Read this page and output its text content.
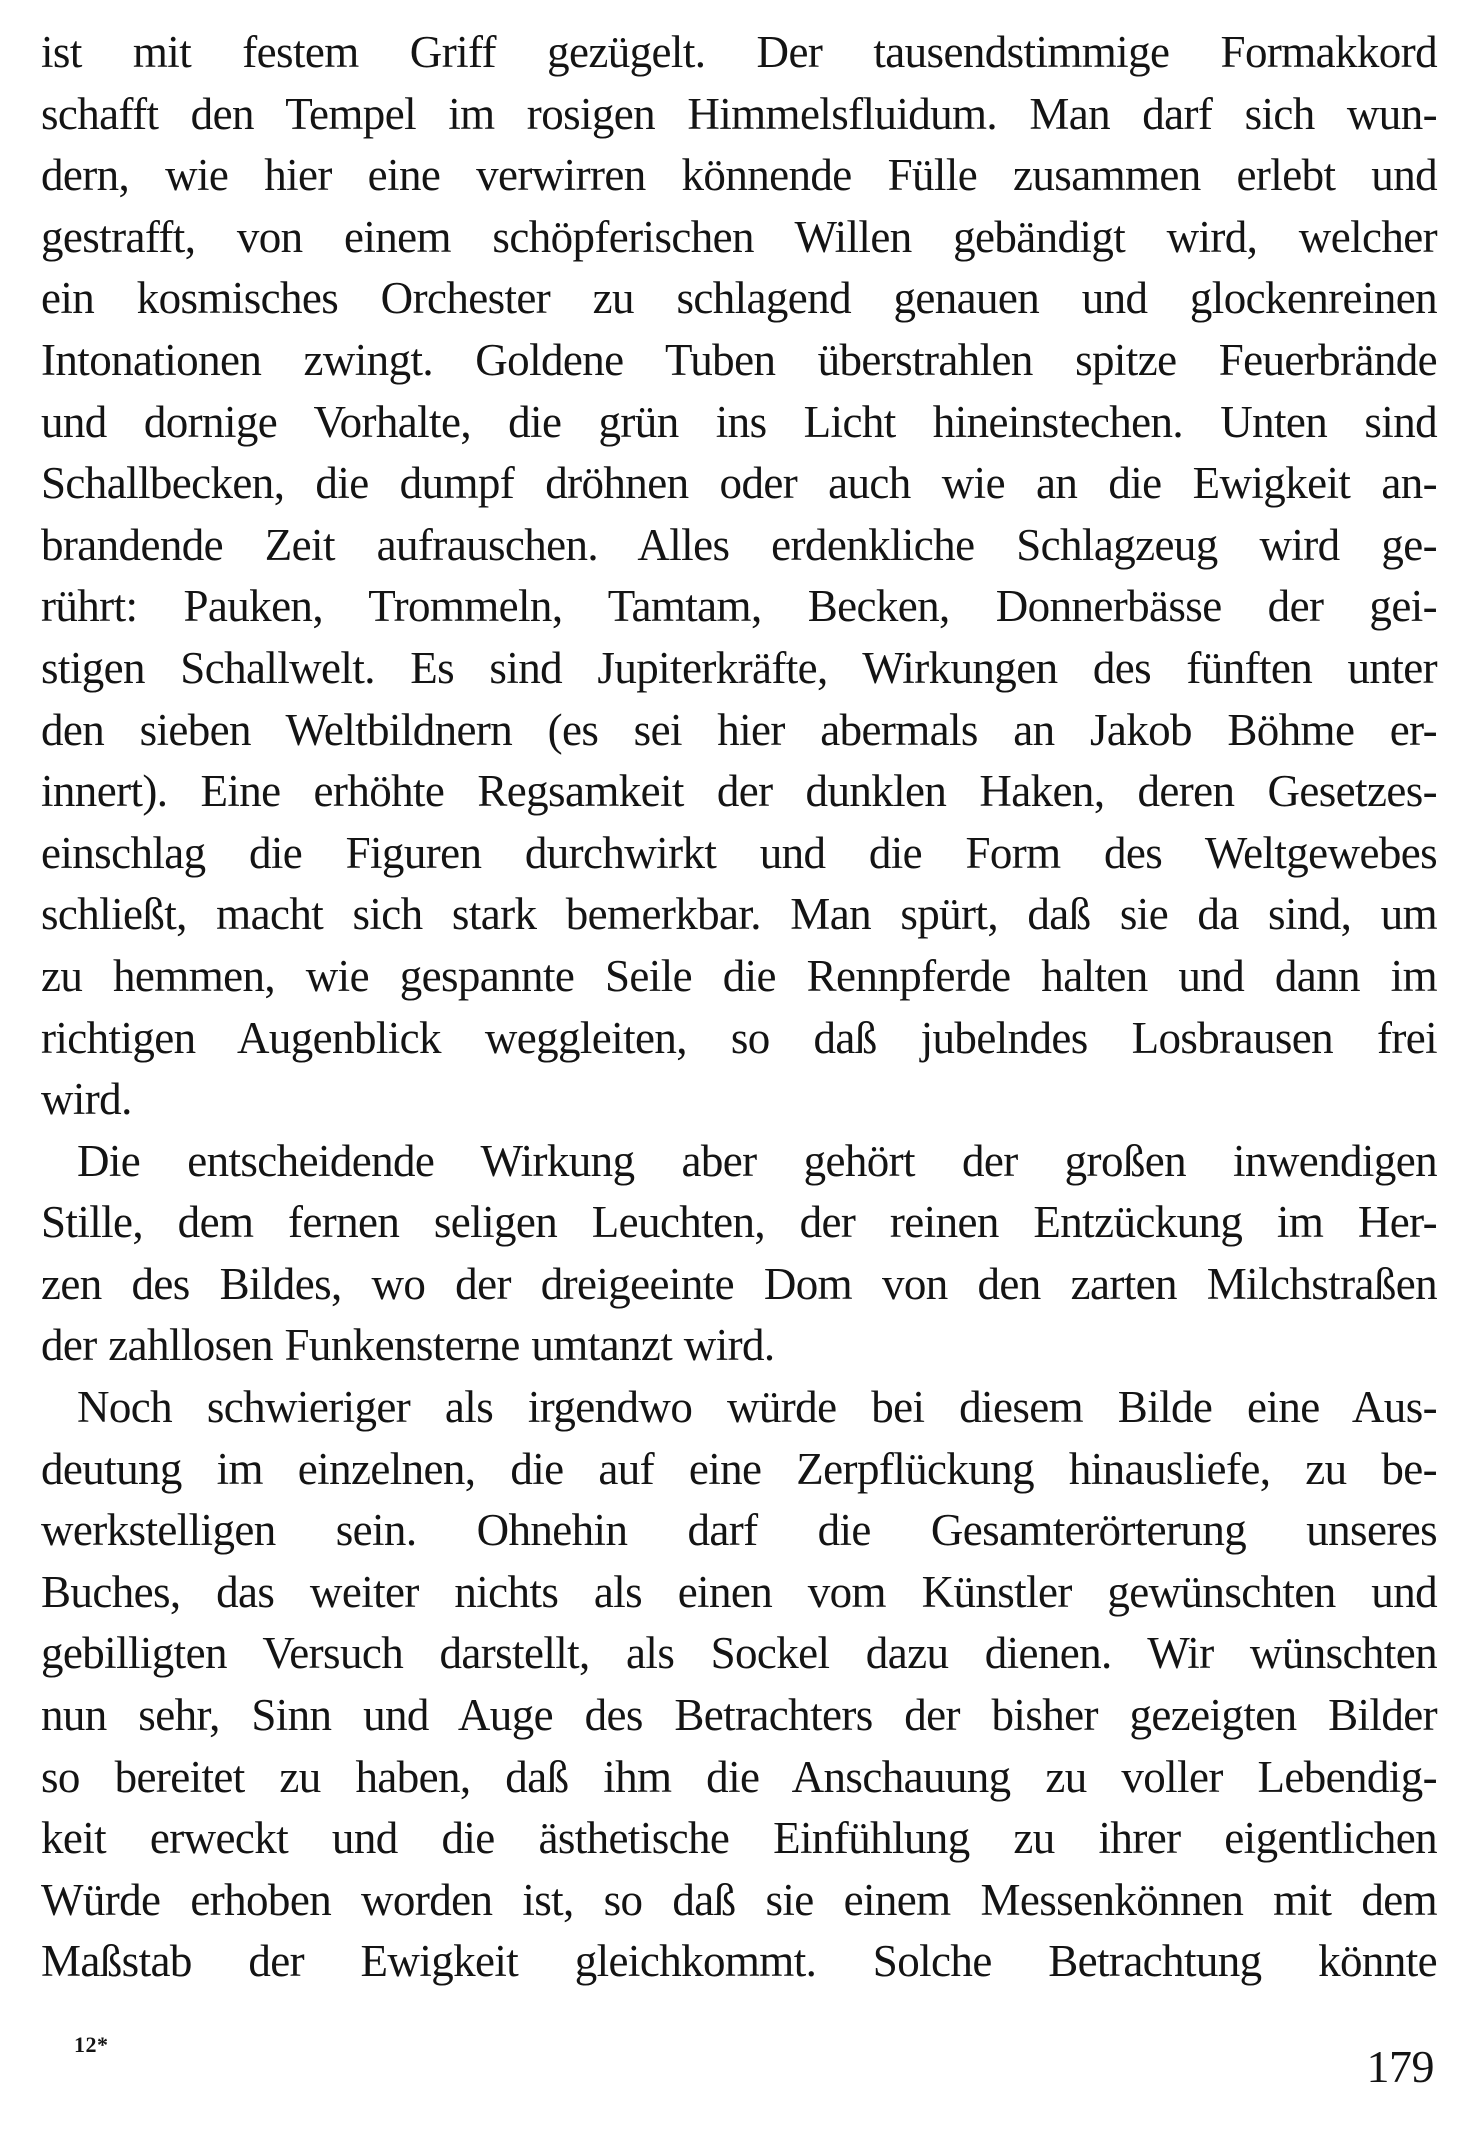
ist mit festem Griff gezügelt. Der tausendstimmige Formakkord
schafft den Tempel im rosigen Himmelsfluidum. Man darf sich wun-
dern, wie hier eine verwirren könnende Fülle zusammen erlebt und
gestrafft, von einem schöpferischen Willen gebändigt wird, welcher
ein kosmisches Orchester zu schlagend genauen und glockenreinen
Intonationen zwingt. Goldene Tuben überstrahlen spitze Feuerbrände
und dornige Vorhalte, die grün ins Licht hineinstechen. Unten sind
Schallbecken, die dumpf dröhnen oder auch wie an die Ewigkeit an-
brandende Zeit aufrauschen. Alles erdenkliche Schlagzeug wird ge-
rührt: Pauken, Trommeln, Tamtam, Becken, Donnerbässe der gei-
stigen Schallwelt. Es sind Jupiterkräfte, Wirkungen des fünften unter
den sieben Weltbildnern (es sei hier abermals an Jakob Böhme er-
innert). Eine erhöhte Regsamkeit der dunklen Haken, deren Gesetzes-
einschlag die Figuren durchwirkt und die Form des Weltgewebes
schließt, macht sich stark bemerkbar. Man spürt, daß sie da sind, um
zu hemmen, wie gespannte Seile die Rennpferde halten und dann im
richtigen Augenblick weggleiten, so daß jubelndes Losbrausen frei
wird.
Die entscheidende Wirkung aber gehört der großen inwendigen
Stille, dem fernen seligen Leuchten, der reinen Entzückung im Her-
zen des Bildes, wo der dreigeeinte Dom von den zarten Milchstraßen
der zahllosen Funkensterne umtanzt wird.
Noch schwieriger als irgendwo würde bei diesem Bilde eine Aus-
deutung im einzelnen, die auf eine Zerpflückung hinausliefe, zu be-
werkstelligen sein. Ohnehin darf die Gesamterörterung unseres
Buches, das weiter nichts als einen vom Künstler gewünschten und
gebilligten Versuch darstellt, als Sockel dazu dienen. Wir wünschten
nun sehr, Sinn und Auge des Betrachters der bisher gezeigten Bilder
so bereitet zu haben, daß ihm die Anschauung zu voller Lebendig-
keit erweckt und die ästhetische Einfühlung zu ihrer eigentlichen
Würde erhoben worden ist, so daß sie einem Messenkönnen mit dem
Maßstab der Ewigkeit gleichkommt. Solche Betrachtung könnte
12*	179
